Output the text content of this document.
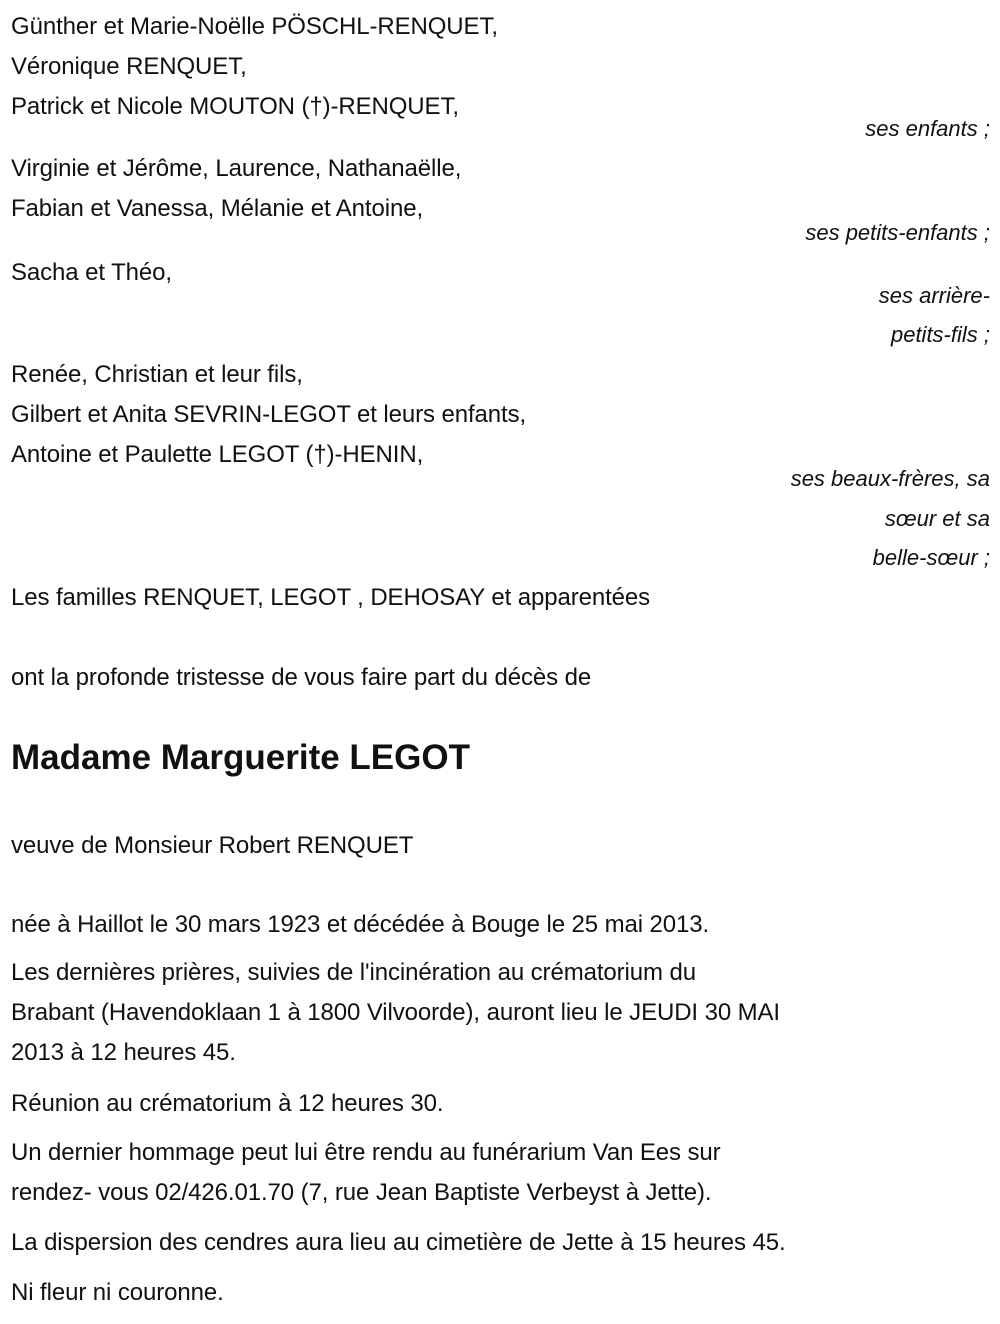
Günther et Marie-Noëlle PÖSCHL-RENQUET,
Véronique RENQUET,
Patrick et Nicole MOUTON (†)-RENQUET,
ses enfants ;
Virginie et Jérôme, Laurence, Nathanaëlle,
Fabian et Vanessa, Mélanie et Antoine,
ses petits-enfants ;
Sacha et Théo,
ses arrière-
petits-fils ;
Renée, Christian et leur fils,
Gilbert et Anita SEVRIN-LEGOT et leurs enfants,
Antoine et Paulette LEGOT (†)-HENIN,
ses beaux-frères, sa
sœur et sa
belle-sœur ;
Les familles RENQUET, LEGOT , DEHOSAY et apparentées
ont la profonde tristesse de vous faire part du décès de
Madame Marguerite LEGOT
veuve de Monsieur Robert RENQUET
née à Haillot le 30 mars 1923 et décédée à Bouge le 25 mai 2013.
Les dernières prières, suivies de l'incinération au crématorium du
Brabant (Havendoklaan 1 à 1800 Vilvoorde), auront lieu le JEUDI 30 MAI
2013 à 12 heures 45.
Réunion au crématorium à 12 heures 30.
Un dernier hommage peut lui être rendu au funérarium Van Ees sur
rendez- vous 02/426.01.70 (7, rue Jean Baptiste Verbeyst à Jette).
La dispersion des cendres aura lieu au cimetière de Jette à 15 heures 45.
Ni fleur ni couronne.
